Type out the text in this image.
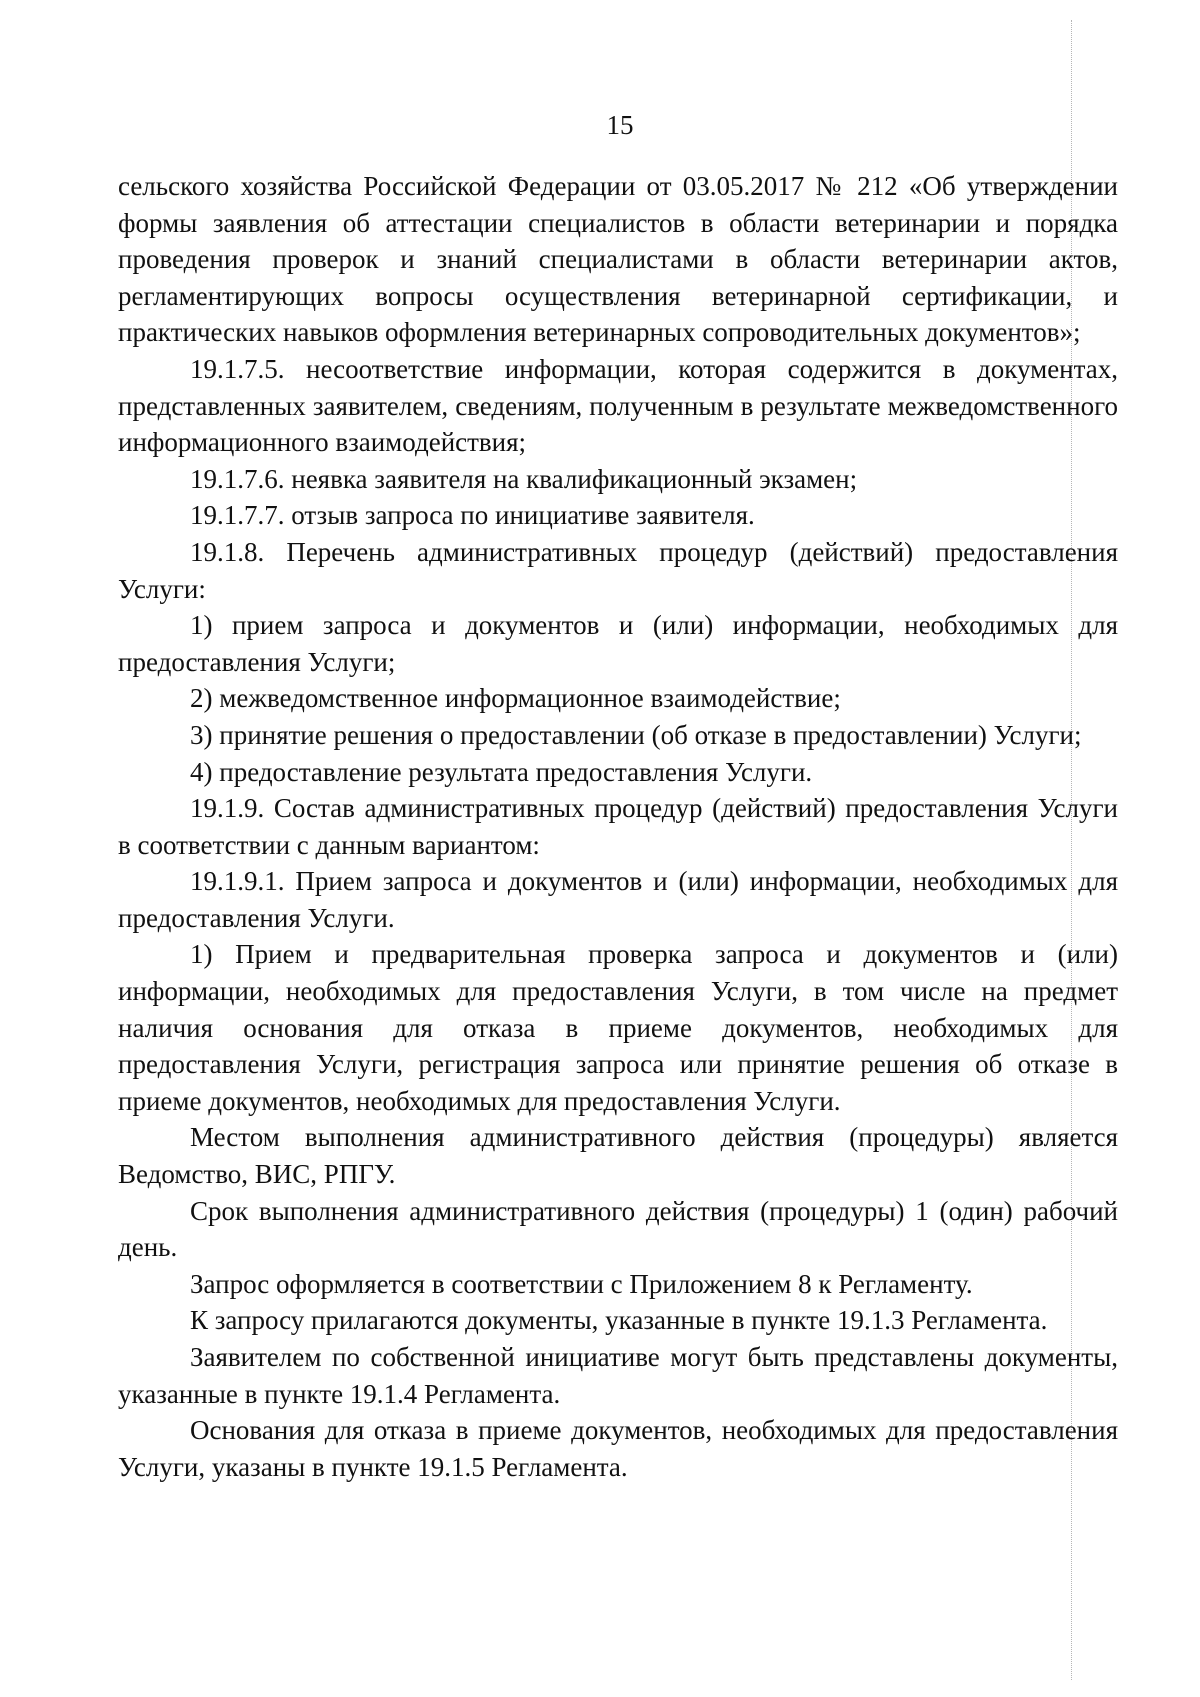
15

сельского хозяйства Российской Федерации от 03.05.2017 № 212 «Об утверждении формы заявления об аттестации специалистов в области ветеринарии и порядка проведения проверок и знаний специалистами в области ветеринарии актов, регламентирующих вопросы осуществления ветеринарной сертификации, и практических навыков оформления ветеринарных сопроводительных документов»;

19.1.7.5. несоответствие информации, которая содержится в документах, представленных заявителем, сведениям, полученным в результате межведомственного информационного взаимодействия;

19.1.7.6. неявка заявителя на квалификационный экзамен;

19.1.7.7. отзыв запроса по инициативе заявителя.

19.1.8. Перечень административных процедур (действий) предоставления Услуги:

1) прием запроса и документов и (или) информации, необходимых для предоставления Услуги;

2) межведомственное информационное взаимодействие;

3) принятие решения о предоставлении (об отказе в предоставлении) Услуги;

4) предоставление результата предоставления Услуги.

19.1.9. Состав административных процедур (действий) предоставления Услуги в соответствии с данным вариантом:

19.1.9.1. Прием запроса и документов и (или) информации, необходимых для предоставления Услуги.

1) Прием и предварительная проверка запроса и документов и (или) информации, необходимых для предоставления Услуги, в том числе на предмет наличия основания для отказа в приеме документов, необходимых для предоставления Услуги, регистрация запроса или принятие решения об отказе в приеме документов, необходимых для предоставления Услуги.

Местом выполнения административного действия (процедуры) является Ведомство, ВИС, РПГУ.

Срок выполнения административного действия (процедуры) 1 (один) рабочий день.

Запрос оформляется в соответствии с Приложением 8 к Регламенту.

К запросу прилагаются документы, указанные в пункте 19.1.3 Регламента.

Заявителем по собственной инициативе могут быть представлены документы, указанные в пункте 19.1.4 Регламента.

Основания для отказа в приеме документов, необходимых для предоставления Услуги, указаны в пункте 19.1.5 Регламента.
